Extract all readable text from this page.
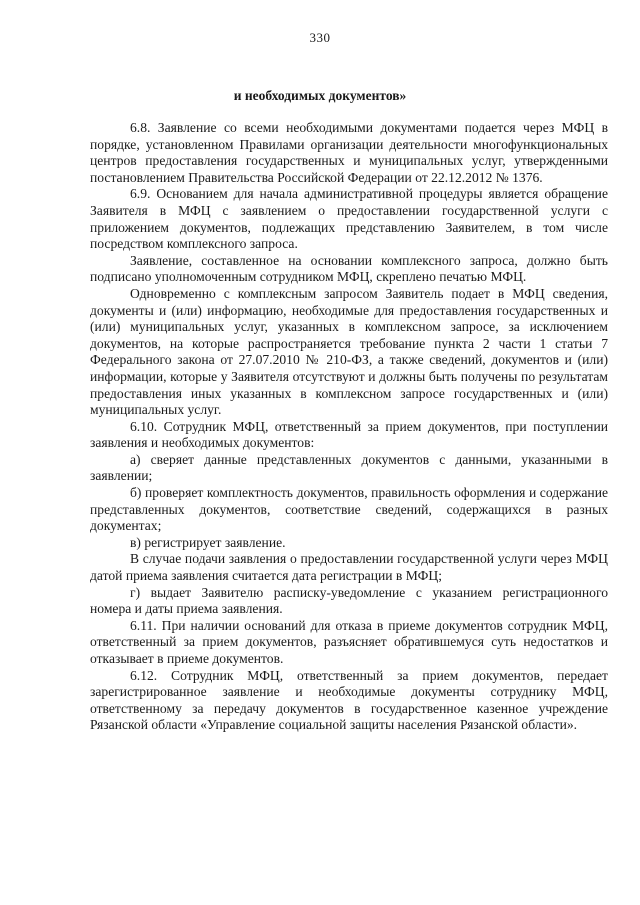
330
и необходимых документов»

6.8. Заявление со всеми необходимыми документами подается через МФЦ в порядке, установленном Правилами организации деятельности многофункциональных центров предоставления государственных и муниципальных услуг, утвержденными постановлением Правительства Российской Федерации от 22.12.2012 № 1376.

6.9. Основанием для начала административной процедуры является обращение Заявителя в МФЦ с заявлением о предоставлении государственной услуги с приложением документов, подлежащих представлению Заявителем, в том числе посредством комплексного запроса.

Заявление, составленное на основании комплексного запроса, должно быть подписано уполномоченным сотрудником МФЦ, скреплено печатью МФЦ.

Одновременно с комплексным запросом Заявитель подает в МФЦ сведения, документы и (или) информацию, необходимые для предоставления государственных и (или) муниципальных услуг, указанных в комплексном запросе, за исключением документов, на которые распространяется требование пункта 2 части 1 статьи 7 Федерального закона от 27.07.2010 № 210-ФЗ, а также сведений, документов и (или) информации, которые у Заявителя отсутствуют и должны быть получены по результатам предоставления иных указанных в комплексном запросе государственных и (или) муниципальных услуг.

6.10. Сотрудник МФЦ, ответственный за прием документов, при поступлении заявления и необходимых документов:

а) сверяет данные представленных документов с данными, указанными в заявлении;

б) проверяет комплектность документов, правильность оформления и содержание представленных документов, соответствие сведений, содержащихся в разных документах;

в) регистрирует заявление.

В случае подачи заявления о предоставлении государственной услуги через МФЦ датой приема заявления считается дата регистрации в МФЦ;

г) выдает Заявителю расписку-уведомление с указанием регистрационного номера и даты приема заявления.

6.11. При наличии оснований для отказа в приеме документов сотрудник МФЦ, ответственный за прием документов, разъясняет обратившемуся суть недостатков и отказывает в приеме документов.

6.12. Сотрудник МФЦ, ответственный за прием документов, передает зарегистрированное заявление и необходимые документы сотруднику МФЦ, ответственному за передачу документов в государственное казенное учреждение Рязанской области «Управление социальной защиты населения Рязанской области».
